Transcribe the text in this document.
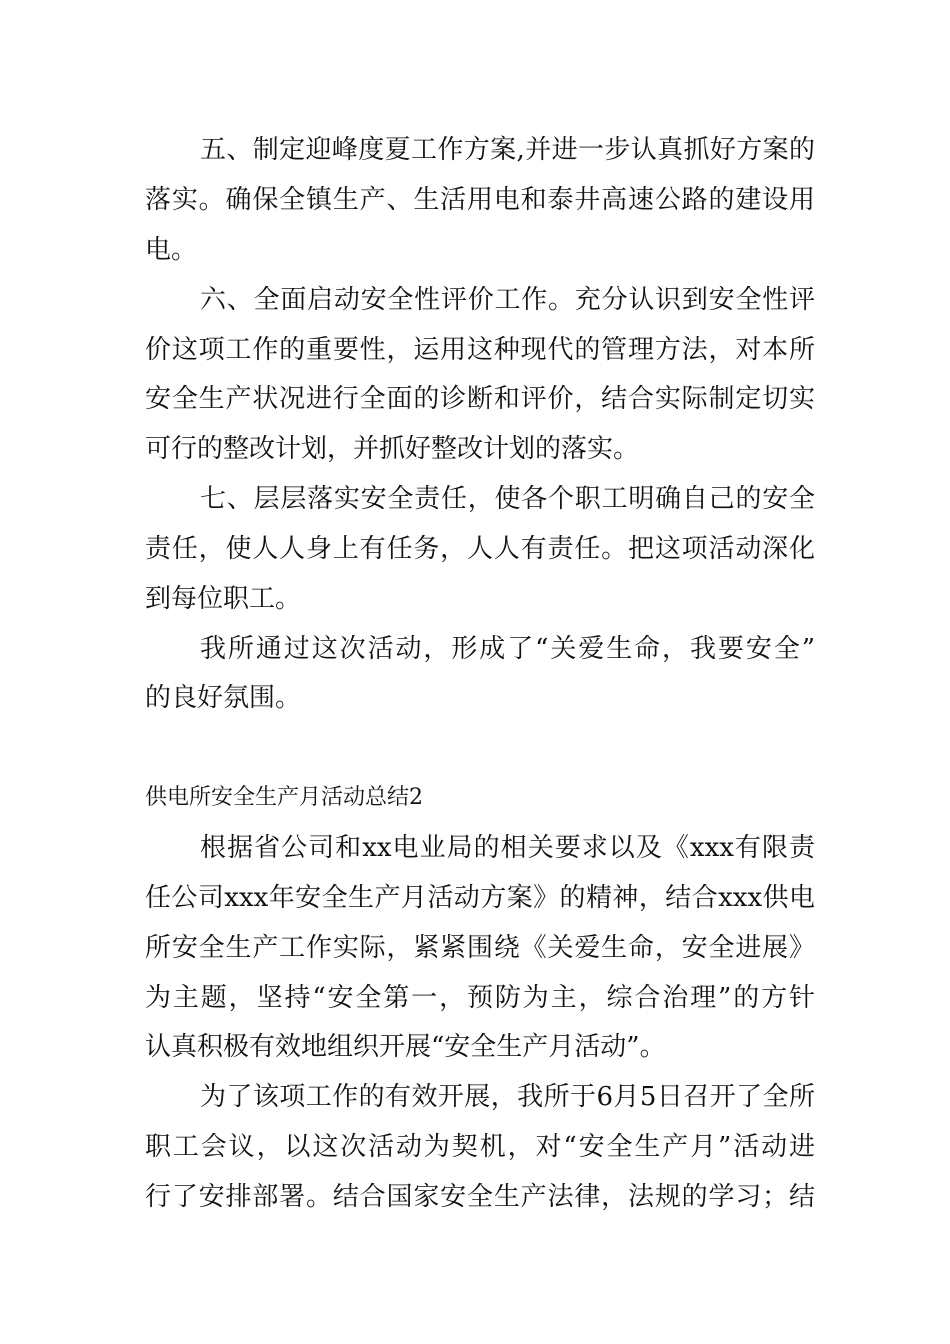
五、制定迎峰度夏工作方案,并进一步认真抓好方案的
落实。确保全镇生产、生活用电和泰井高速公路的建设用
电。
六、全面启动安全性评价工作。充分认识到安全性评
价这项工作的重要性，运用这种现代的管理方法，对本所
安全生产状况进行全面的诊断和评价，结合实际制定切实
可行的整改计划，并抓好整改计划的落实。
七、层层落实安全责任，使各个职工明确自己的安全
责任，使人人身上有任务，人人有责任。把这项活动深化
到每位职工。
我所通过这次活动，形成了“关爱生命，我要安全”
的良好氛围。
供电所安全生产月活动总结2
根据省公司和xx电业局的相关要求以及《xxx有限责
任公司xxx年安全生产月活动方案》的精神，结合xxx供电
所安全生产工作实际，紧紧围绕《关爱生命，安全进展》
为主题，坚持“安全第一，预防为主，综合治理”的方针
认真积极有效地组织开展“安全生产月活动”。
为了该项工作的有效开展，我所于6月5日召开了全所
职工会议，以这次活动为契机，对“安全生产月”活动进
行了安排部署。结合国家安全生产法律，法规的学习；结
